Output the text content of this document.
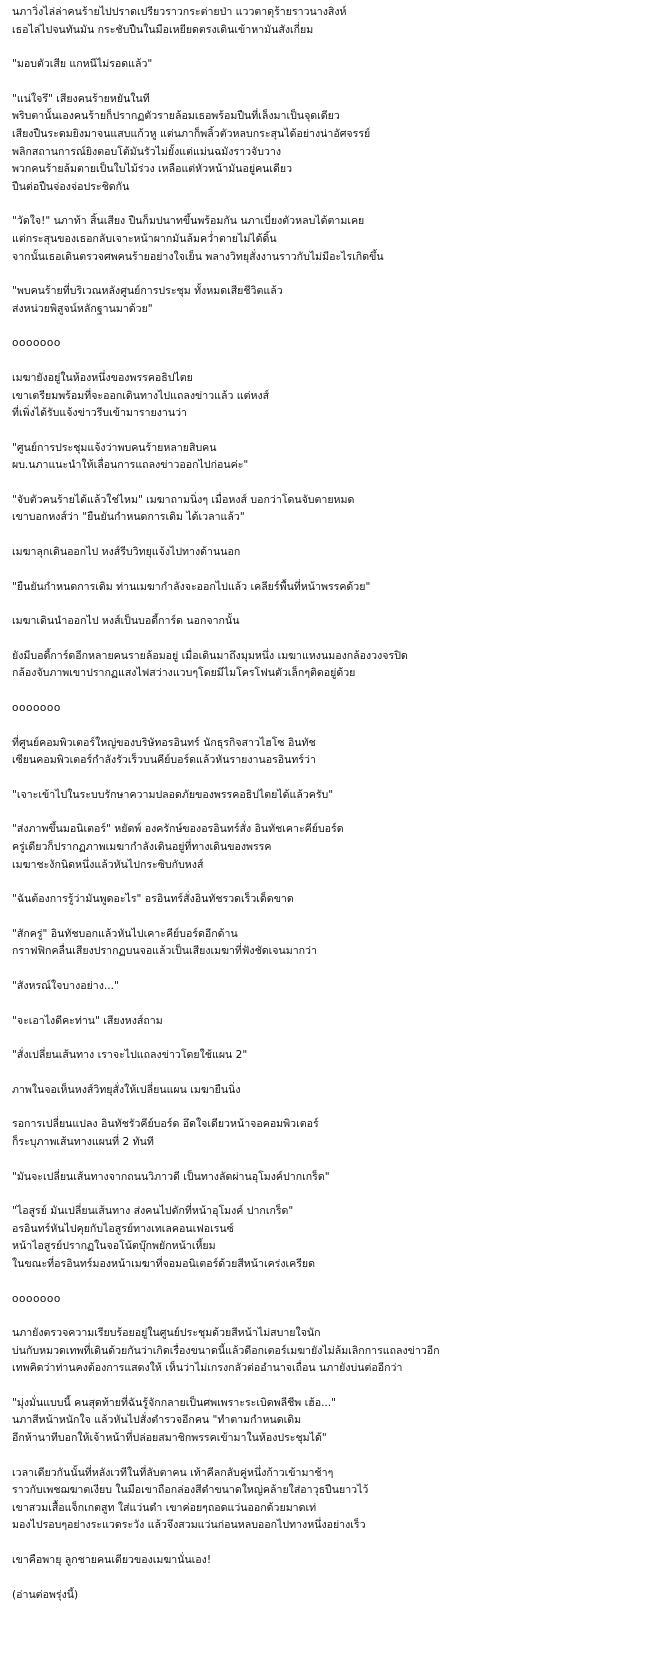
นภาวิ่งไล่ล่าคนร้ายไปปราดเปรียวราวกระต่ายป่า แววตาดุร้ายราวนางสิงห์
เธอไล่ไปจนทันมัน กระชับปืนในมือเหยียดตรงเดินเข้าหามันสังเกี่ยม
"มอบตัวเสีย แกหนีไม่รอดแล้ว"
"แน่ใจรึ" เสียงคนร้ายหยันในที
พริบตานั้นเองคนร้ายก็ปรากฏตัวรายล้อมเธอพร้อมปืนที่เล็งมาเป็นจุดเดียว
เสียงปืนระดมยิงมาจนแสบแก้วหู แต่นภาก็พลิ้วตัวหลบกระสุนได้อย่างน่าอัศจรรย์
พลิกสถานการณ์ยิงตอบโต้มันรัวไม่ยั้งแต่แม่นฉมังราวจับวาง
พวกคนร้ายล้มตายเป็นใบไม้ร่วง เหลือแต่หัวหน้ามันอยู่คนเดียว
ปืนต่อปืนจ่องจ่อประชิดกัน
"วัดใจ!" นภาท้า สิ้นเสียง ปืนก็มปนาทขึ้นพร้อมกัน นภาเบี่ยงตัวหลบได้ตามเคย
แต่กระสุนของเธอกลับเจาะหน้าผากมันล้มคว่ำตายไม่ได้ดิ้น
จากนั้นเธอเดินตรวจศพคนร้ายอย่างใจเย็น พลางวิทยุสั่งงานราวกับไม่มีอะไรเกิดขึ้น
"พบคนร้ายที่บริเวณหลังศูนย์การประชุม ทั้งหมดเสียชีวิตแล้ว
ส่งหน่วยพิสูจน์หลักฐานมาด้วย"
ooooooo
เมฆายังอยู่ในห้องหนึ่งของพรรคอธิปไตย
เขาเตรียมพร้อมที่จะออกเดินทางไปแถลงข่าวแล้ว แต่หงส์
ที่เพิ่งได้รับแจ้งข่าวรีบเข้ามารายงานว่า
"ศูนย์การประชุมแจ้งว่าพบคนร้ายหลายสิบคน
ผบ.นภาแนะนำให้เลื่อนการแถลงข่าวออกไปก่อนค่ะ"
"จับตัวคนร้ายได้แล้วใช่ไหม" เมฆาถามนิ่งๆ เมื่อหงส์ บอกว่าโดนจับตายหมด
เขาบอกหงส์ว่า "ยืนยันกำหนดการเดิม ได้เวลาแล้ว"
เมฆาลุกเดินออกไป หงส์รีบวิทยุแจ้งไปทางด้านนอก
"ยืนยันกำหนดการเดิม ท่านเมฆากำลังจะออกไปแล้ว เคลียร์พื้นที่หน้าพรรคด้วย"
เมฆาเดินนำออกไป หงส์เป็นบอดี้การ์ด นอกจากนั้น
ยังมีบอดี้การ์ดอีกหลายคนรายล้อมอยู่ เมื่อเดินมาถึงมุมหนึ่ง เมฆาแหงนมองกล้องวงจรปิด
กล้องจับภาพเขาปรากฏแสงไฟสว่างแวบๆโดยมีไมโครโฟนตัวเล็กๆติดอยู่ด้วย
ooooooo
ที่ศูนย์คอมพิวเตอร์ใหญ่ของบริษัทอรอินทร์ นักธุรกิจสาวไฮโซ อินทัช
เซียนคอมพิวเตอร์กำลังรัวเร็วบนคีย์บอร์ดแล้วหันรายงานอรอินทร์ว่า
"เจาะเข้าไปในระบบรักษาความปลอดภัยของพรรคอธิปไตยได้แล้วครับ"
"ส่งภาพขึ้นมอนิเตอร์" หยัดพ์ องครักษ์ของอรอินทร์สั่ง อินทัชเคาะคีย์บอร์ด
ครู่เดียวก็ปรากฏภาพเมฆากำลังเดินอยู่ที่ทางเดินของพรรค
เมฆาชะงักนิดหนึ่งแล้วหันไปกระซิบกับหงส์
"ฉันต้องการรู้ว่ามันพูดอะไร" อรอินทร์สั่งอินทัชรวดเร็วเด็ดขาด
"สักครู่" อินทัชบอกแล้วหันไปเคาะคีย์บอร์ดอีกด้าน
กราฟฟิกคลื่นเสียงปรากฏบนจอแล้วเป็นเสียงเมฆาที่ฟังชัดเจนมากว่า
"สังหรณ์ใจบางอย่าง..."
"จะเอาไงดีคะท่าน" เสียงหงส์ถาม
"สั่งเปลี่ยนเส้นทาง เราจะไปแถลงข่าวโดยใช้แผน 2"
ภาพในจอเห็นหงส์วิทยุสั่งให้เปลี่ยนแผน เมฆายืนนิ่ง
รอการเปลี่ยนแปลง อินทัชรัวคีย์บอร์ด อึดใจเดียวหน้าจอคอมพิวเตอร์
ก็ระบุภาพเส้นทางแผนที่ 2 ทันที
"มันจะเปลี่ยนเส้นทางจากถนนวิภาวดี เป็นทางลัดผ่านอุโมงค์ปากเกร็ด"
"ไอสูรย์ มันเปลี่ยนเส้นทาง ส่งคนไปดักที่หน้าอุโมงค์ ปากเกร็ด"
อรอินทร์หันไปคุยกับไอสูรย์ทางเทเลคอนเฟอเรนซ์
หน้าไอสูรย์ปรากฏในจอโน้ตบุ๊กพยักหน้าเหี้ยม
ในขณะที่อรอินทร์มองหน้าเมฆาที่จอมอนิเตอร์ด้วยสีหน้าเคร่งเครียด
ooooooo
นภายังตรวจความเรียบร้อยอยู่ในศูนย์ประชุมด้วยสีหน้าไม่สบายใจนัก
บ่นกับหมวดเทพที่เดินด้วยกันว่าเกิดเรื่องขนาดนี้แล้วดีอกเตอร์เมฆายังไม่ล้มเลิกการแถลงข่าวอีก
เทพคิดว่าท่านคงต้องการแสดงให้ เห็นว่าไม่เกรงกลัวต่ออำนาจเถื่อน นภายังบ่นต่ออีกว่า
"มุ่งมั่นแบบนี้ คนสุดท้ายที่ฉันรู้จักกลายเป็นศพเพราะระเบิดพลีชีพ เฮ้อ..."
นภาสีหน้าหนักใจ แล้วหันไปสั่งตำรวจอีกคน "ทำตามกำหนดเดิม
อีกห้านาทีบอกให้เจ้าหน้าที่ปล่อยสมาชิกพรรคเข้ามาในห้องประชุมได้"
เวลาเดียวกันนั้นที่หลังเวทีในที่ลับตาคน เท้าคีลกลับคู่หนึ่งก้าวเข้ามาช้าๆ
ราวกับเพชฌฆาตเงียบ ในมือเขาถือกล่องสีดำขนาดใหญ่คล้ายใส่อาวุธปืนยาวไว้
เขาสวมเสื้อแจ็กเกตสูท ใส่แว่นดำ เขาค่อยๆถอดแว่นออกด้วยมาดเท่
มองไปรอบๆอย่างระแวดระวัง แล้วจึงสวมแว่นก่อนหลบออกไปทางหนึ่งอย่างเร็ว
เขาคือพายุ ลูกชายคนเดียวของเมฆานั่นเอง!
(อ่านต่อพรุ่งนี้)
